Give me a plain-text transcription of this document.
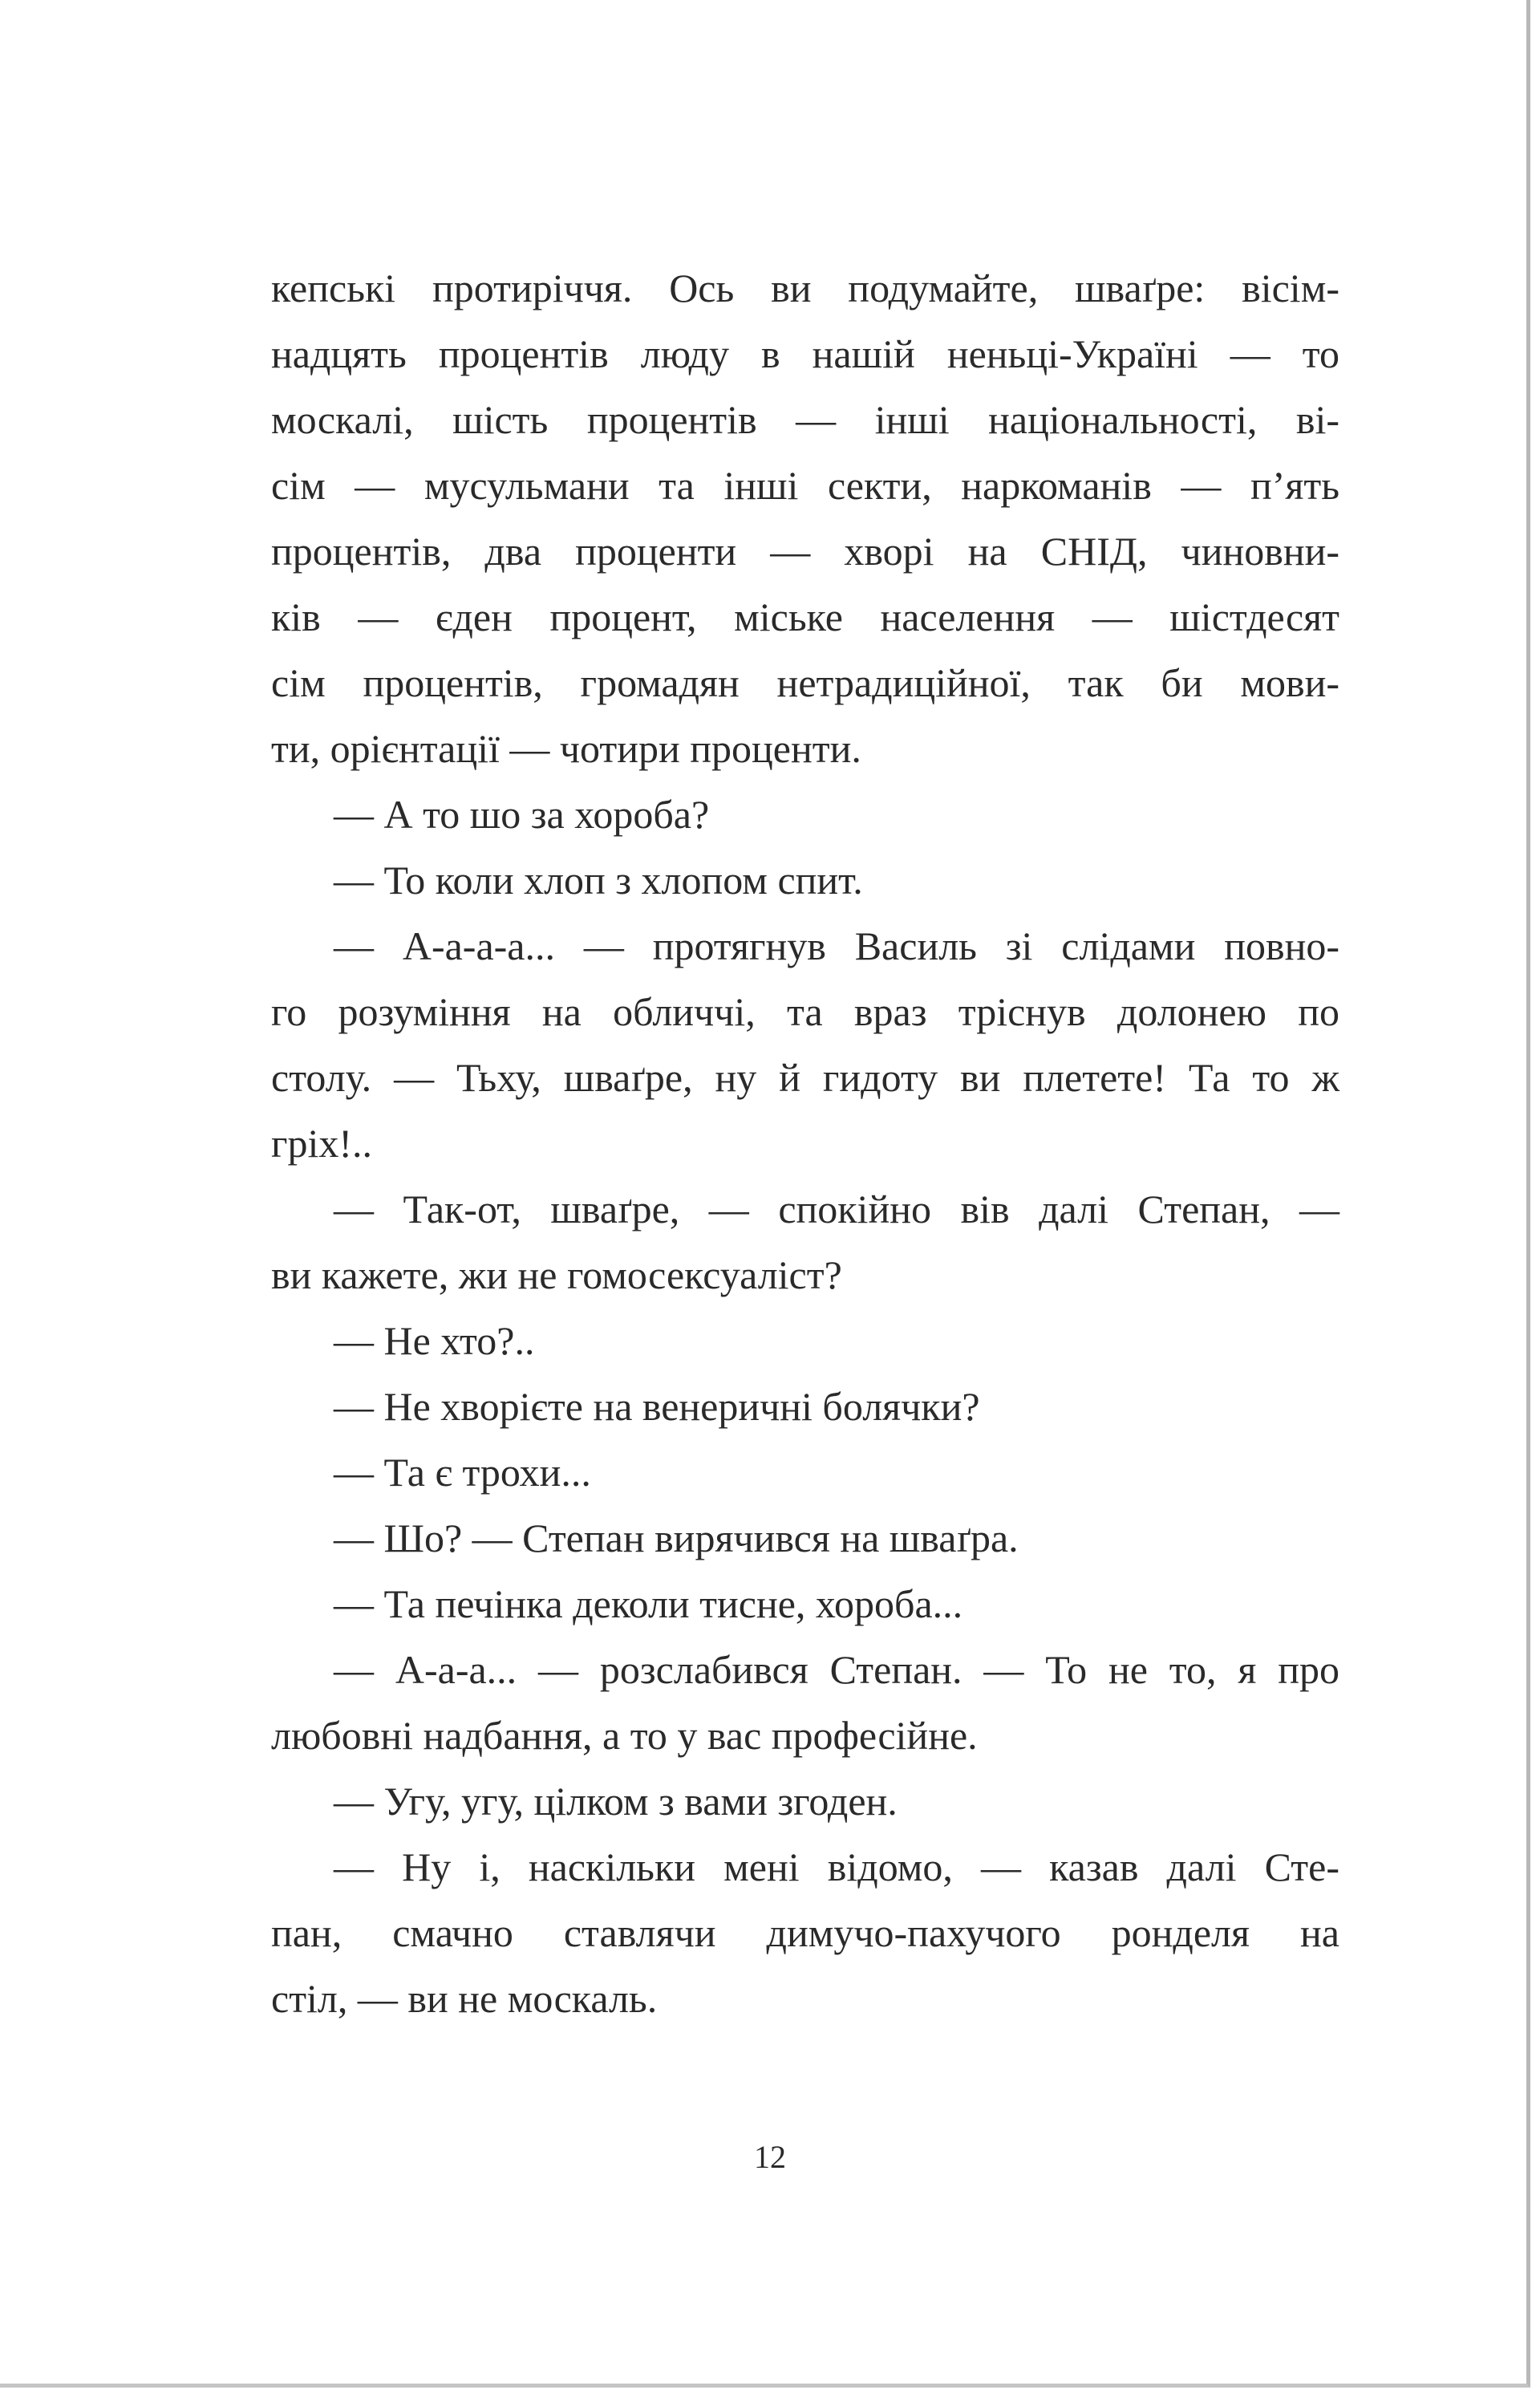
кепські протиріччя. Ось ви подумайте, шваґре: вісім-
надцять процентів люду в нашій неньці-Україні — то
москалі, шість процентів — інші національності, ві-
сім — мусульмани та інші секти, наркоманів — п’ять
процентів, два проценти — хворі на СНІД, чиновни-
ків — єден процент, міське населення — шістдесят
сім процентів, громадян нетрадиційної, так би мови-
ти, орієнтації — чотири проценти.
— А то шо за хороба?
— То коли хлоп з хлопом спит.
— А-а-а-а... — протягнув Василь зі слідами повно-
го розуміння на обличчі, та враз тріснув долонею по
столу. — Тьху, шваґре, ну й гидоту ви плетете! Та то ж
гріх!..
— Так-от, шваґре, — спокійно вів далі Степан, —
ви кажете, жи не гомосексуаліст?
— Не хто?..
— Не хворієте на венеричні болячки?
— Та є трохи...
— Шо? — Степан вирячився на шваґра.
— Та печінка деколи тисне, хороба...
— А-а-а... — розслабився Степан. — То не то, я про
любовні надбання, а то у вас професійне.
— Угу, угу, цілком з вами згоден.
— Ну і, наскільки мені відомо, — казав далі Сте-
пан, смачно ставлячи димучо-пахучого ронделя на
стіл, — ви не москаль.
12
